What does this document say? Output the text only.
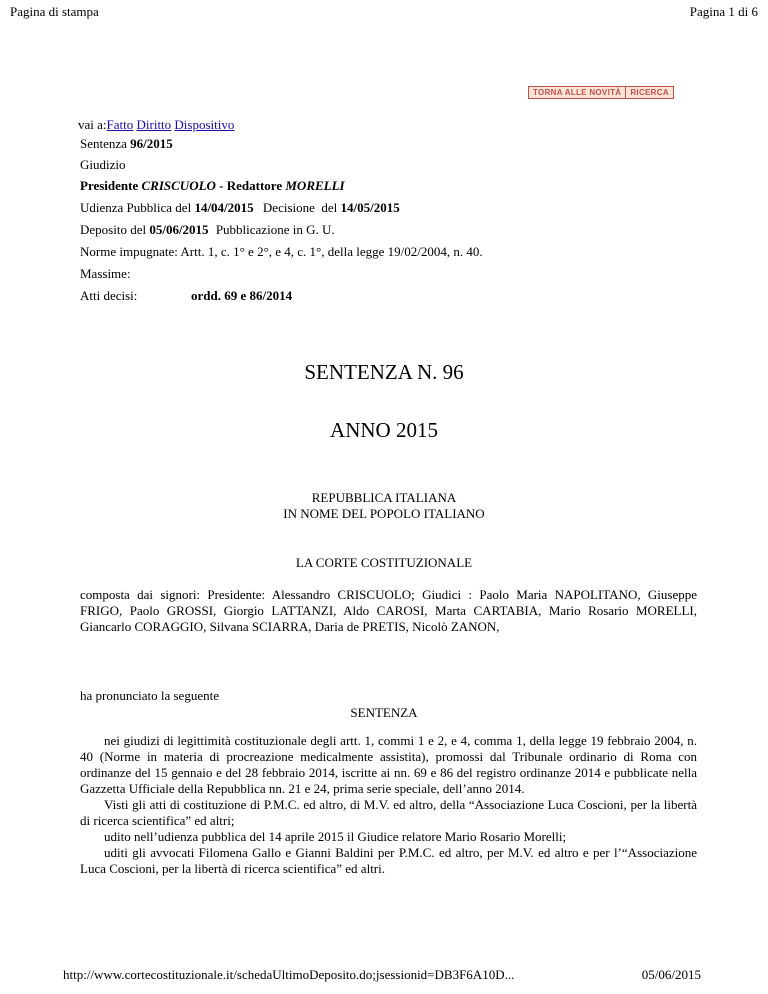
Pagina di stampa	Pagina 1 di 6
TORNA ALLE NOVITÀ	RICERCA
vai a:Fatto Diritto Dispositivo
Sentenza 96/2015
Giudizio
Presidente CRISCUOLO - Redattore MORELLI
Udienza Pubblica del 14/04/2015 Decisione  del 14/05/2015
Deposito del 05/06/2015 Pubblicazione in G. U.
Norme impugnate: Artt. 1, c. 1° e 2°, e 4, c. 1°, della legge 19/02/2004, n. 40.
Massime:
Atti decisi:	ordd. 69 e 86/2014
SENTENZA N. 96
ANNO 2015
REPUBBLICA ITALIANA
IN NOME DEL POPOLO ITALIANO
LA CORTE COSTITUZIONALE

composta dai signori: Presidente: Alessandro CRISCUOLO; Giudici : Paolo Maria NAPOLITANO, Giuseppe FRIGO, Paolo GROSSI, Giorgio LATTANZI, Aldo CAROSI, Marta CARTABIA, Mario Rosario MORELLI, Giancarlo CORAGGIO, Silvana SCIARRA, Daria de PRETIS, Nicolò ZANON,

ha pronunciato la seguente
SENTENZA

nei giudizi di legittimità costituzionale degli artt. 1, commi 1 e 2, e 4, comma 1, della legge 19 febbraio 2004, n. 40 (Norme in materia di procreazione medicalmente assistita), promossi dal Tribunale ordinario di Roma con ordinanze del 15 gennaio e del 28 febbraio 2014, iscritte ai nn. 69 e 86 del registro ordinanze 2014 e pubblicate nella Gazzetta Ufficiale della Repubblica nn. 21 e 24, prima serie speciale, dell’anno 2014.

Visti gli atti di costituzione di P.M.C. ed altro, di M.V. ed altro, della “Associazione Luca Coscioni, per la libertà di ricerca scientifica” ed altri;

udito nell’udienza pubblica del 14 aprile 2015 il Giudice relatore Mario Rosario Morelli;

uditi gli avvocati Filomena Gallo e Gianni Baldini per P.M.C. ed altro, per M.V. ed altro e per l’“Associazione Luca Coscioni, per la libertà di ricerca scientifica” ed altri.

http://www.cortecostituzionale.it/schedaUltimoDeposito.do;jsessionid=DB3F6A10D...	05/06/2015
